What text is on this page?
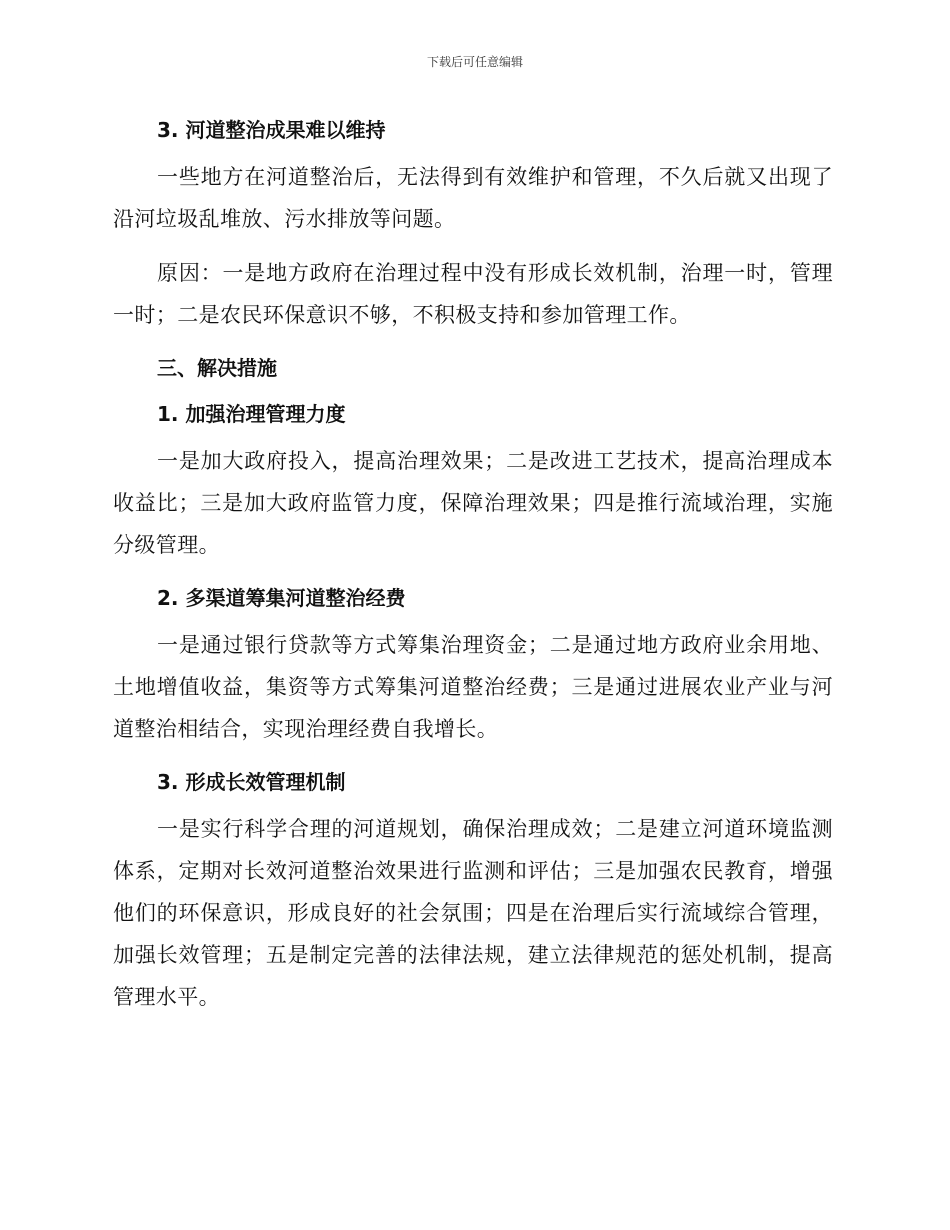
下载后可任意编辑
3. 河道整治成果难以维持

一些地方在河道整治后，无法得到有效维护和管理，不久后就又出现了沿河垃圾乱堆放、污水排放等问题。

原因：一是地方政府在治理过程中没有形成长效机制，治理一时，管理一时；二是农民环保意识不够，不积极支持和参加管理工作。

三、解决措施
1. 加强治理管理力度

一是加大政府投入，提高治理效果；二是改进工艺技术，提高治理成本收益比；三是加大政府监管力度，保障治理效果；四是推行流域治理，实施分级管理。

2. 多渠道筹集河道整治经费

一是通过银行贷款等方式筹集治理资金；二是通过地方政府业余用地、土地增值收益，集资等方式筹集河道整治经费；三是通过进展农业产业与河道整治相结合，实现治理经费自我增长。

3. 形成长效管理机制

一是实行科学合理的河道规划，确保治理成效；二是建立河道环境监测体系，定期对长效河道整治效果进行监测和评估；三是加强农民教育，增强他们的环保意识，形成良好的社会氛围；四是在治理后实行流域综合管理，加强长效管理；五是制定完善的法律法规，建立法律规范的惩处机制，提高管理水平。
